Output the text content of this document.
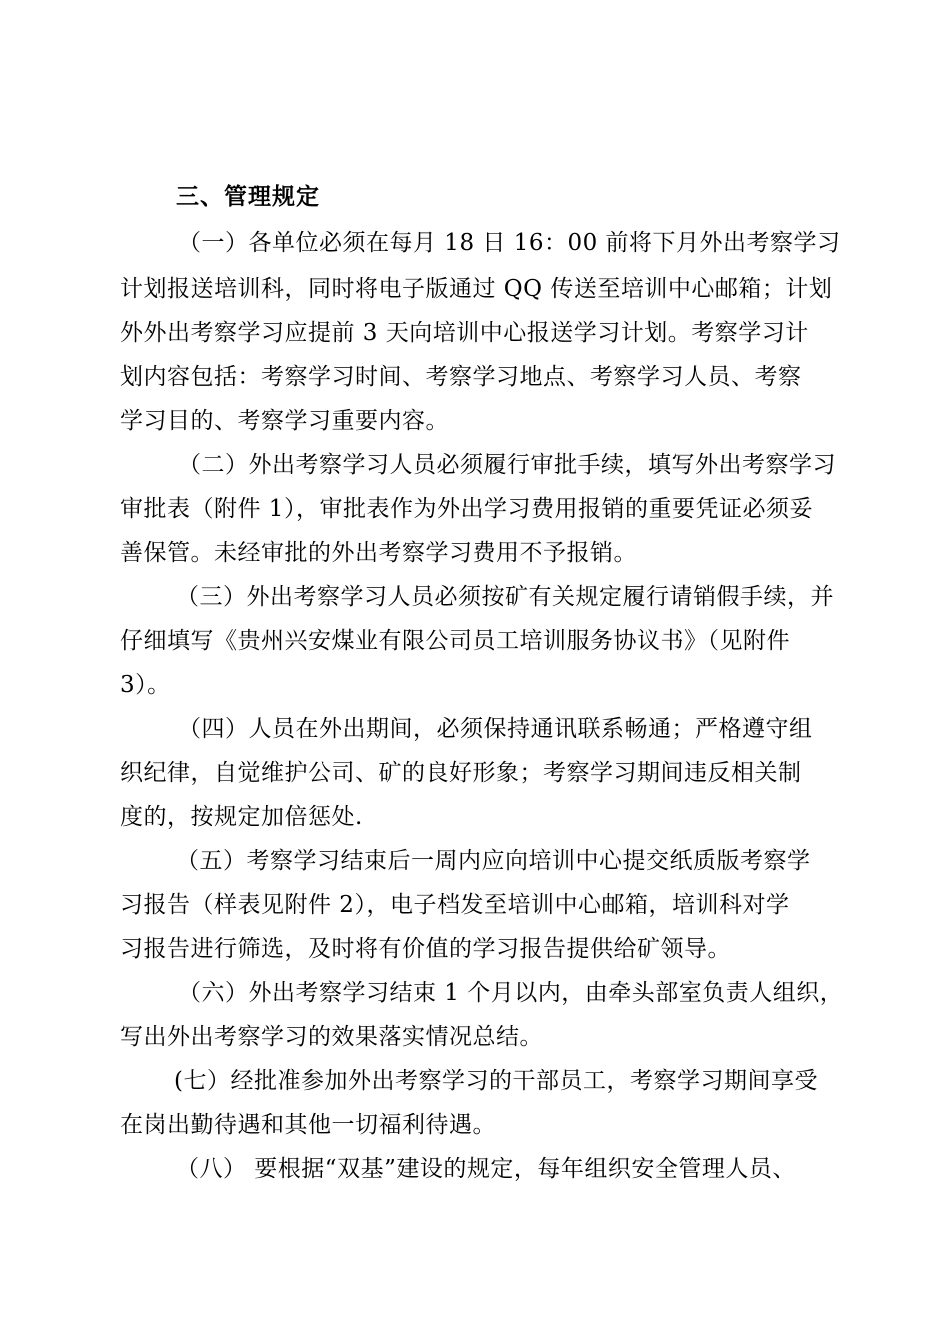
三、管理规定
（一）各单位必须在每月 18 日 16：00 前将下月外出考察学习
计划报送培训科，同时将电子版通过 QQ 传送至培训中心邮箱；计划
外外出考察学习应提前 3 天向培训中心报送学习计划。考察学习计
划内容包括：考察学习时间、考察学习地点、考察学习人员、考察
学习目的、考察学习重要内容。
（二）外出考察学习人员必须履行审批手续，填写外出考察学习
审批表（附件 1），审批表作为外出学习费用报销的重要凭证必须妥
善保管。未经审批的外出考察学习费用不予报销。
（三）外出考察学习人员必须按矿有关规定履行请销假手续，并
仔细填写《贵州兴安煤业有限公司员工培训服务协议书》（见附件
3）。
（四）人员在外出期间，必须保持通讯联系畅通；严格遵守组
织纪律，自觉维护公司、矿的良好形象；考察学习期间违反相关制
度的，按规定加倍惩处.
（五）考察学习结束后一周内应向培训中心提交纸质版考察学
习报告（样表见附件 2），电子档发至培训中心邮箱，培训科对学
习报告进行筛选，及时将有价值的学习报告提供给矿领导。
（六）外出考察学习结束 1 个月以内，由牵头部室负责人组织，
写出外出考察学习的效果落实情况总结。
(七）经批准参加外出考察学习的干部员工，考察学习期间享受
在岗出勤待遇和其他一切福利待遇。
（八） 要根据“双基”建设的规定，每年组织安全管理人员、
